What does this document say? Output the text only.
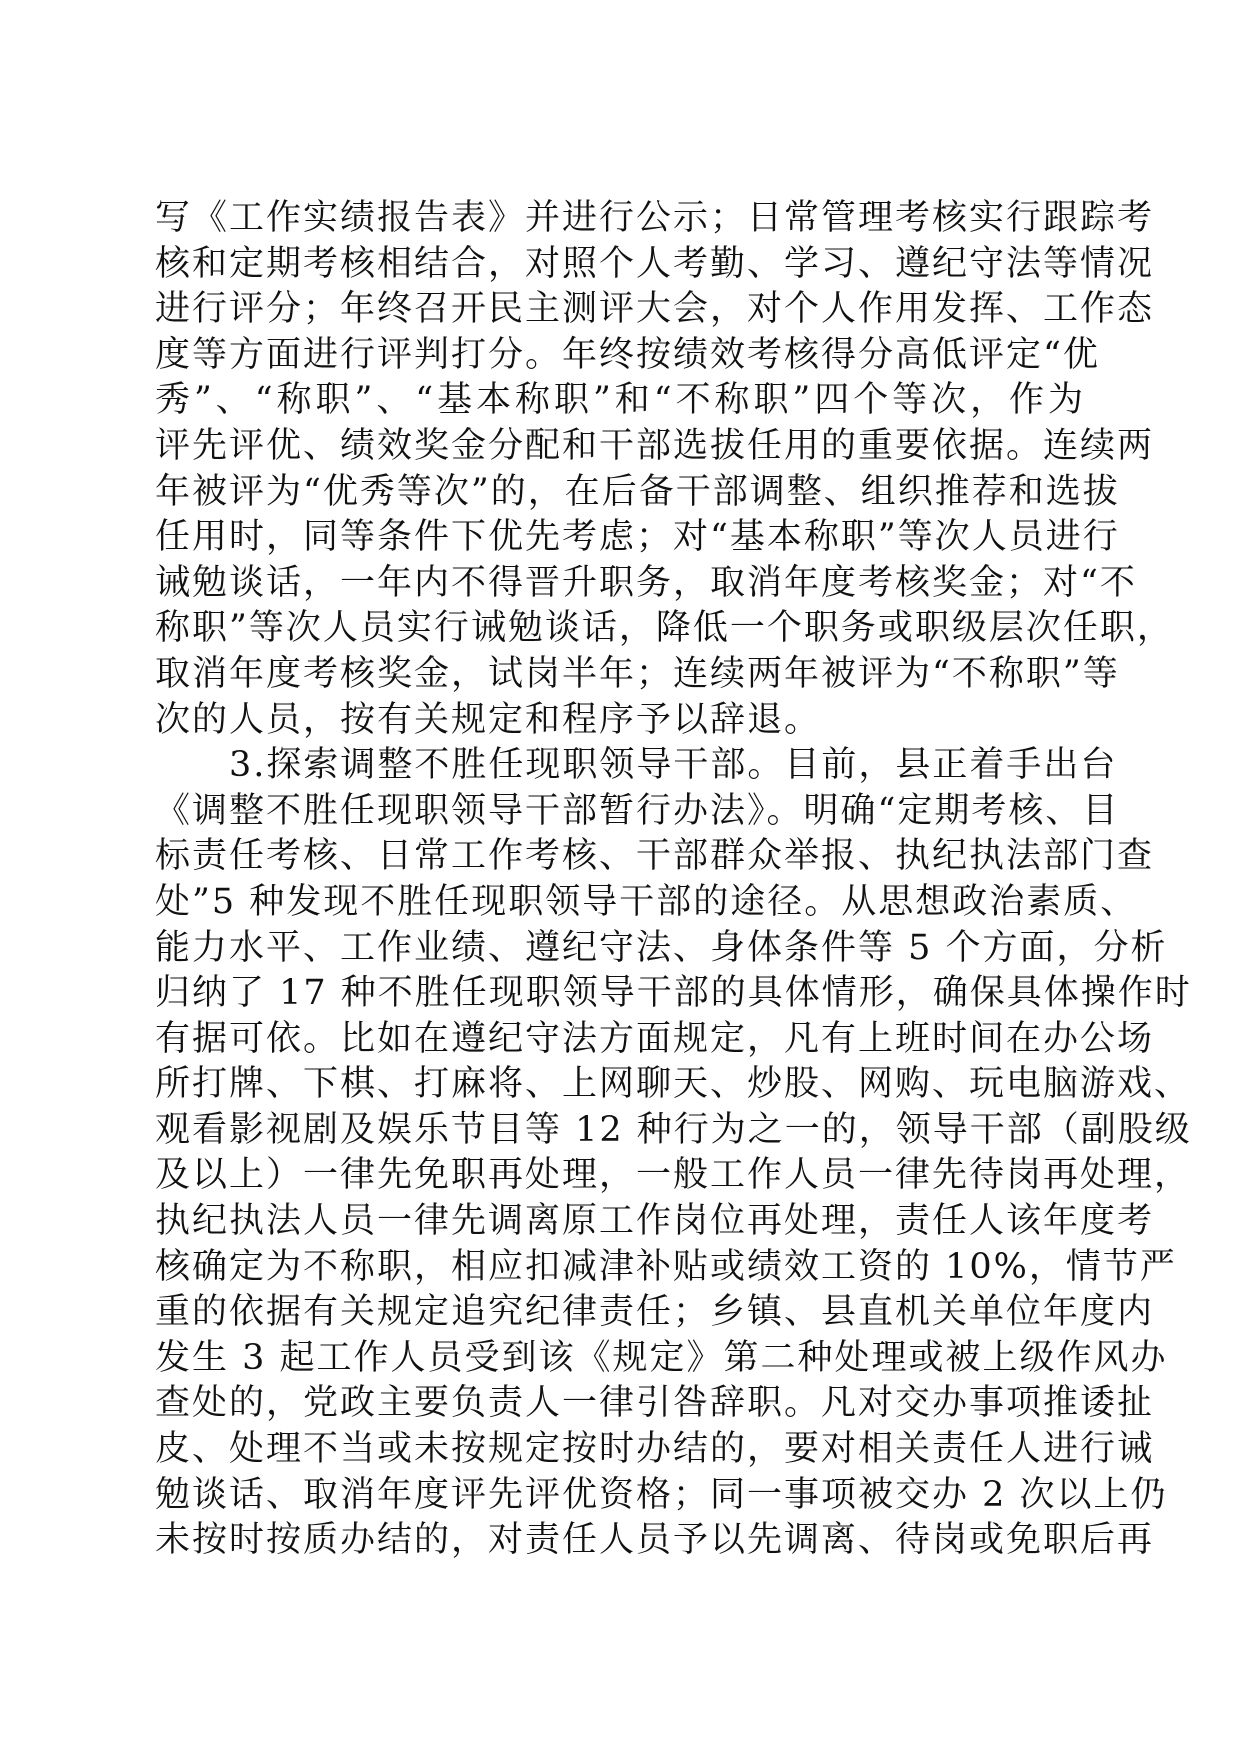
写《工作实绩报告表》并进行公示；日常管理考核实行跟踪考
核和定期考核相结合，对照个人考勤、学习、遵纪守法等情况
进行评分；年终召开民主测评大会，对个人作用发挥、工作态
度等方面进行评判打分。年终按绩效考核得分高低评定“优
秀”、“称职”、“基本称职”和“不称职”四个等次，作为
评先评优、绩效奖金分配和干部选拔任用的重要依据。连续两
年被评为“优秀等次”的，在后备干部调整、组织推荐和选拔
任用时，同等条件下优先考虑；对“基本称职”等次人员进行
诫勉谈话，一年内不得晋升职务，取消年度考核奖金；对“不
称职”等次人员实行诫勉谈话，降低一个职务或职级层次任职，
取消年度考核奖金，试岗半年；连续两年被评为“不称职”等
次的人员，按有关规定和程序予以辞退。
3.探索调整不胜任现职领导干部。目前，县正着手出台
《调整不胜任现职领导干部暂行办法》。明确“定期考核、目
标责任考核、日常工作考核、干部群众举报、执纪执法部门查
处”5 种发现不胜任现职领导干部的途径。从思想政治素质、
能力水平、工作业绩、遵纪守法、身体条件等 5 个方面，分析
归纳了 17 种不胜任现职领导干部的具体情形，确保具体操作时
有据可依。比如在遵纪守法方面规定，凡有上班时间在办公场
所打牌、下棋、打麻将、上网聊天、炒股、网购、玩电脑游戏、
观看影视剧及娱乐节目等 12 种行为之一的，领导干部（副股级
及以上）一律先免职再处理，一般工作人员一律先待岗再处理，
执纪执法人员一律先调离原工作岗位再处理，责任人该年度考
核确定为不称职，相应扣减津补贴或绩效工资的 10%，情节严
重的依据有关规定追究纪律责任；乡镇、县直机关单位年度内
发生 3 起工作人员受到该《规定》第二种处理或被上级作风办
查处的，党政主要负责人一律引咎辞职。凡对交办事项推诿扯
皮、处理不当或未按规定按时办结的，要对相关责任人进行诫
勉谈话、取消年度评先评优资格；同一事项被交办 2 次以上仍
未按时按质办结的，对责任人员予以先调离、待岗或免职后再
